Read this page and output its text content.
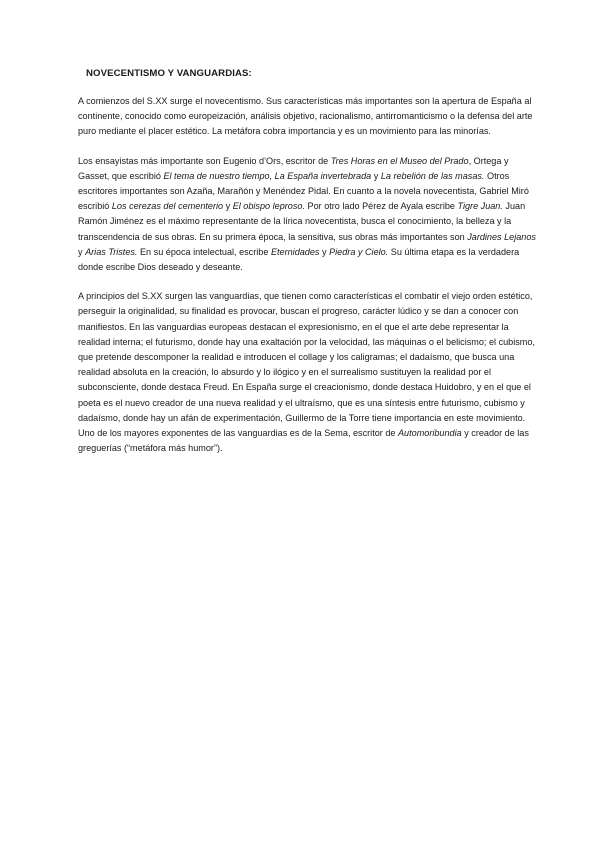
NOVECENTISMO Y VANGUARDIAS:

A comienzos del S.XX surge el novecentismo. Sus características más importantes son la apertura de España al continente, conocido como europeización, análisis objetivo, racionalismo, antirromanticismo o la defensa del arte puro mediante el placer estético. La metáfora cobra importancia y es un movimiento para las minorías.

Los ensayistas más importante son Eugenio d’Ors, escritor de Tres Horas en el Museo del Prado, Ortega y Gasset, que escribió El tema de nuestro tiempo, La España invertebrada y La rebelión de las masas. Otros escritores importantes son Azaña, Marañón y Menéndez Pidal. En cuanto a la novela novecentista, Gabriel Miró escribió Los cerezas del cementerio y El obispo leproso. Por otro lado Pérez de Ayala escribe Tigre Juan. Juan Ramón Jiménez es el máximo representante de la lírica novecentista, busca el conocimiento, la belleza y la transcendencia de sus obras. En su primera época, la sensitiva, sus obras más importantes son Jardines Lejanos y Arias Tristes. En su época intelectual, escribe Eternidades y Piedra y Cielo. Su última etapa es la verdadera donde escribe Dios deseado y deseante.

A principios del S.XX surgen las vanguardias, que tienen como características el combatir el viejo orden estético, perseguir la originalidad, su finalidad es provocar, buscan el progreso, carácter lúdico y se dan a conocer con manifiestos. En las vanguardias europeas destacan el expresionismo, en el que el arte debe representar la realidad interna; el futurismo, donde hay una exaltación por la velocidad, las máquinas o el belicismo; el cubismo, que pretende descomponer la realidad e introducen el collage y los caligramas; el dadaísmo, que busca una realidad absoluta en la creación, lo absurdo y lo ilógico y en el surrealismo sustituyen la realidad por el subconsciente, donde destaca Freud. En España surge el creacionismo, donde destaca Huidobro, y en el que el poeta es el nuevo creador de una nueva realidad y el ultraísmo, que es una síntesis entre futurismo, cubismo y dadaísmo, donde hay un afán de experimentación, Guillermo de la Torre tiene importancia en este movimiento. Uno de los mayores exponentes de las vanguardias es de la Sema, escritor de Automoribundia y creador de las greguerías (“metáfora más humor”).
